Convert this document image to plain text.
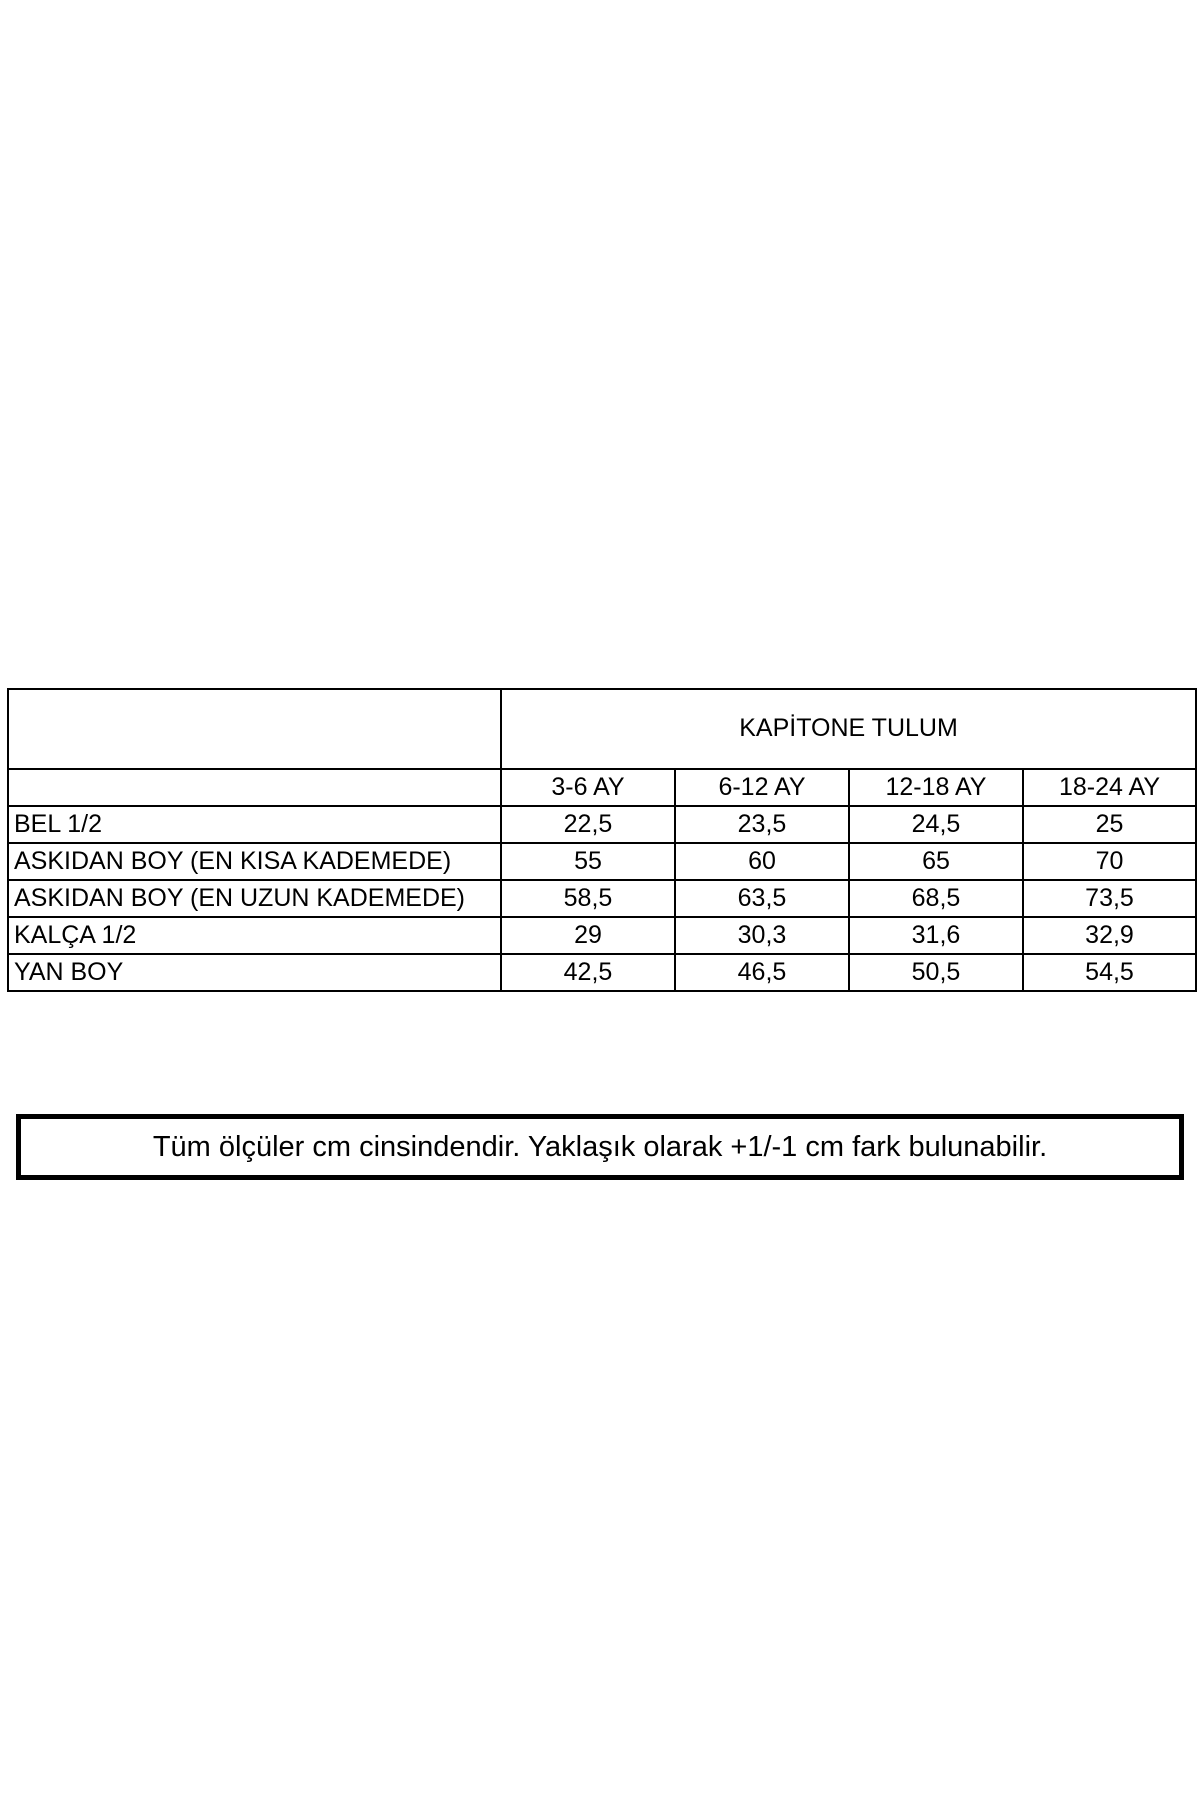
	KAPİTONE TULUM			
	3-6 AY	6-12 AY	12-18 AY	18-24 AY
BEL 1/2	22,5	23,5	24,5	25
ASKIDAN BOY (EN KISA KADEMEDE)	55	60	65	70
ASKIDAN BOY (EN UZUN KADEMEDE)	58,5	63,5	68,5	73,5
KALÇA 1/2	29	30,3	31,6	32,9
YAN BOY	42,5	46,5	50,5	54,5
Tüm ölçüler cm cinsindendir. Yaklaşık olarak +1/-1 cm fark bulunabilir.
